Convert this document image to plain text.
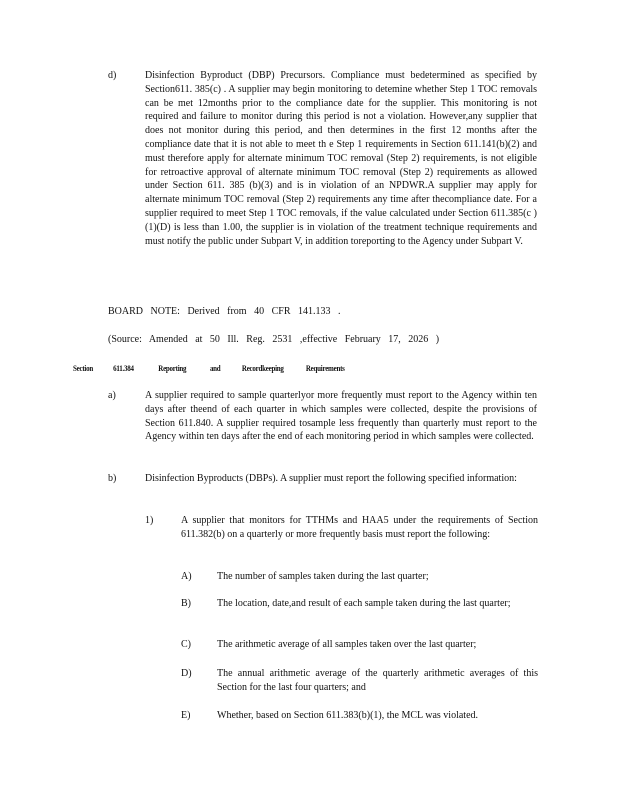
d)	Disinfection Byproduct (DBP) Precursors. Compliance must bedetermined as specified by Section611. 385(c) . A supplier may begin monitoring to detemine whether Step 1 TOC removals can be met 12months prior to the compliance date for the supplier. This monitoring is not required and failure to monitor during this period is not a violation. However,any supplier that does not monitor during this period, and then determines in the first 12 months after the compliance date that it is not able to meet th e Step 1 requirements in Section 611.141(b)(2) and must therefore apply for alternate minimum TOC removal (Step 2) requirements, is not eligible for retroactive approval of alternate minimum TOC removal (Step 2) requirements as allowed under Section 611. 385 (b)(3) and is in violation of an NPDWR.A supplier may apply for alternate minimum TOC removal (Step 2) requirements any time after thecompliance date. For a supplier required to meet Step 1 TOC removals, if the value calculated under Section 611.385(c )(1)(D) is less than 1.00, the supplier is in violation of the treatment technique requirements and must notify the public under Subpart V, in addition toreporting to the Agency under Subpart V.
BOARD NOTE: Derived from 40 CFR 141.133 .
(Source: Amended at 50 Ill. Reg. 2531 ,effective February 17, 2026 )
Section 611.384	Reporting	and	Recordkeeping	Requirements
a)	A supplier required to sample quarterlyor more frequently must report to the Agency within ten days after theend of each quarter in which samples were collected, despite the provisions of Section 611.840. A supplier required tosample less frequently than quarterly must report to the Agency within ten days after the end of each monitoring period in which samples were collected.
b)	Disinfection Byproducts (DBPs). A supplier must report the following specified information:
1)	A supplier that monitors for TTHMs and HAA5 under the requirements of Section 611.382(b) on a quarterly or more frequently basis must report the following:
A)	The number of samples taken during the last quarter;
B)	The location, date,and result of each sample taken during the last quarter;
C)	The arithmetic average of all samples taken over the last quarter;
D)	The annual arithmetic average of the quarterly arithmetic averages of this Section for the last four quarters; and
E)	Whether, based on Section 611.383(b)(1), the MCL was violated.
